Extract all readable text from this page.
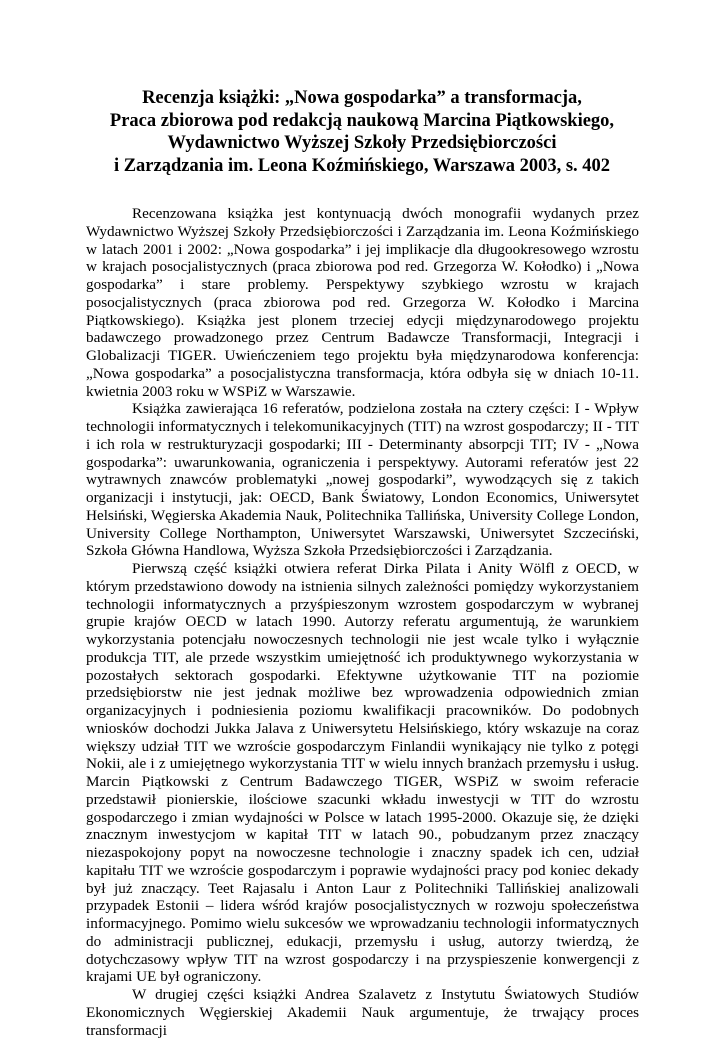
Recenzja książki: „Nowa gospodarka” a transformacja,
Praca zbiorowa pod redakcją naukową Marcina Piątkowskiego,
Wydawnictwo Wyższej Szkoły Przedsiębiorczości
i Zarządzania im. Leona Koźmińskiego, Warszawa 2003, s. 402

Recenzowana książka jest kontynuacją dwóch monografii wydanych przez Wydawnictwo Wyższej Szkoły Przedsiębiorczości i Zarządzania im. Leona Koźmińskiego w latach 2001 i 2002: „Nowa gospodarka” i jej implikacje dla długookresowego wzrostu w krajach posocjalistycznych (praca zbiorowa pod red. Grzegorza W. Kołodko) i „Nowa gospodarka” i stare problemy. Perspektywy szybkiego wzrostu w krajach posocjalistycznych (praca zbiorowa pod red. Grzegorza W. Kołodko i Marcina Piątkowskiego). Książka jest plonem trzeciej edycji międzynarodowego projektu badawczego prowadzonego przez Centrum Badawcze Transformacji, Integracji i Globalizacji TIGER. Uwieńczeniem tego projektu była międzynarodowa konferencja: „Nowa gospodarka” a posocjalistyczna transformacja, która odbyła się w dniach 10-11. kwietnia 2003 roku w WSPiZ w Warszawie.

Książka zawierająca 16 referatów, podzielona została na cztery części: I - Wpływ technologii informatycznych i telekomunikacyjnych (TIT) na wzrost gospodarczy; II - TIT i ich rola w restrukturyzacji gospodarki; III - Determinanty absorpcji TIT; IV - „Nowa gospodarka”: uwarunkowania, ograniczenia i perspektywy. Autorami referatów jest 22 wytrawnych znawców problematyki „nowej gospodarki”, wywodzących się z takich organizacji i instytucji, jak: OECD, Bank Światowy, London Economics, Uniwersytet Helsiński, Węgierska Akademia Nauk, Politechnika Tallińska, University College London, University College Northampton, Uniwersytet Warszawski, Uniwersytet Szczeciński, Szkoła Główna Handlowa, Wyższa Szkoła Przedsiębiorczości i Zarządzania.

Pierwszą część książki otwiera referat Dirka Pilata i Anity Wölfl z OECD, w którym przedstawiono dowody na istnienia silnych zależności pomiędzy wykorzystaniem technologii informatycznych a przyśpieszonym wzrostem gospodarczym w wybranej grupie krajów OECD w latach 1990. Autorzy referatu argumentują, że warunkiem wykorzystania potencjału nowoczesnych technologii nie jest wcale tylko i wyłącznie produkcja TIT, ale przede wszystkim umiejętność ich produktywnego wykorzystania w pozostałych sektorach gospodarki. Efektywne użytkowanie TIT na poziomie przedsiębiorstw nie jest jednak możliwe bez wprowadzenia odpowiednich zmian organizacyjnych i podniesienia poziomu kwalifikacji pracowników. Do podobnych wniosków dochodzi Jukka Jalava z Uniwersytetu Helsińskiego, który wskazuje na coraz większy udział TIT we wzroście gospodarczym Finlandii wynikający nie tylko z potęgi Nokii, ale i z umiejętnego wykorzystania TIT w wielu innych branżach przemysłu i usług. Marcin Piątkowski z Centrum Badawczego TIGER, WSPiZ w swoim referacie przedstawił pionierskie, ilościowe szacunki wkładu inwestycji w TIT do wzrostu gospodarczego i zmian wydajności w Polsce w latach 1995-2000. Okazuje się, że dzięki znacznym inwestycjom w kapitał TIT w latach 90., pobudzanym przez znaczący niezaspokojony popyt na nowoczesne technologie i znaczny spadek ich cen, udział kapitału TIT we wzroście gospodarczym i poprawie wydajności pracy pod koniec dekady był już znaczący. Teet Rajasalu i Anton Laur z Politechniki Tallińskiej analizowali przypadek Estonii – lidera wśród krajów posocjalistycznych w rozwoju społeczeństwa informacyjnego. Pomimo wielu sukcesów we wprowadzaniu technologii informatycznych do administracji publicznej, edukacji, przemysłu i usług, autorzy twierdzą, że dotychczasowy wpływ TIT na wzrost gospodarczy i na przyspieszenie konwergencji z krajami UE był ograniczony.

W drugiej części książki Andrea Szalavetz z Instytutu Światowych Studiów Ekonomicznych Węgierskiej Akademii Nauk argumentuje, że trwający proces transformacji
